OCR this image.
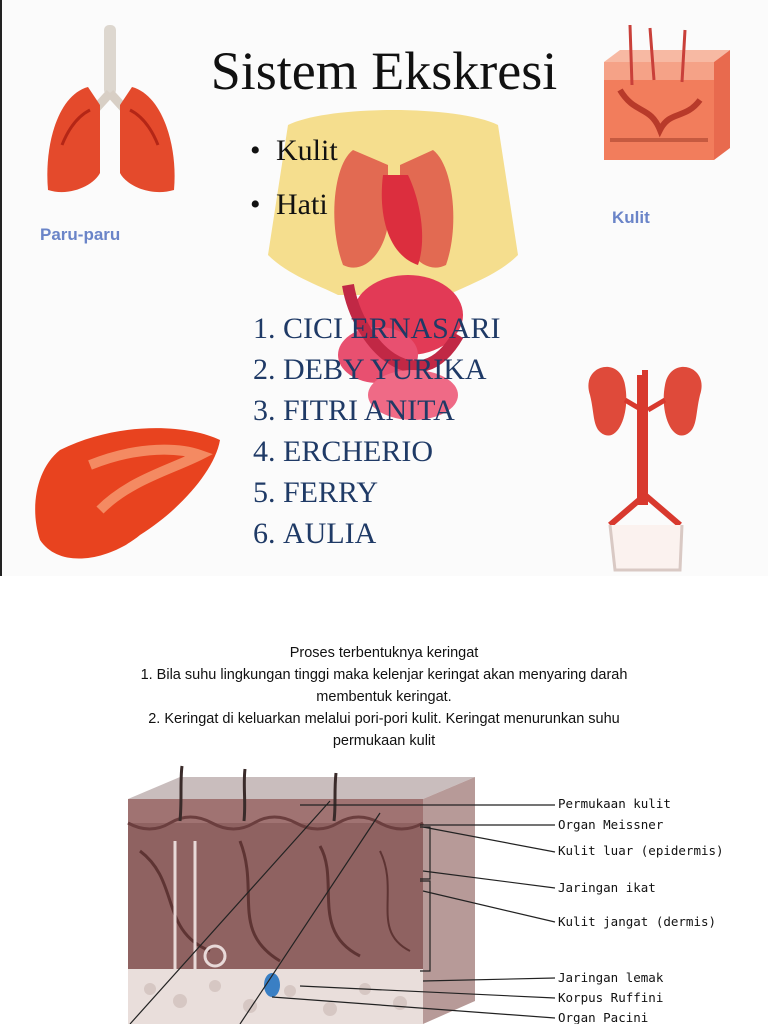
Paru-paru
Kulit
Sistem Ekskresi
• Kulit
• Hati
1. CICI ERNASARI
2. DEBY YURIKA
3. FITRI ANITA
4. ERCHERIO
5. FERRY
6. AULIA
Proses terbentuknya keringat
1. Bila suhu lingkungan tinggi maka kelenjar keringat akan menyaring darah
membentuk keringat.
2. Keringat di keluarkan melalui pori-pori kulit. Keringat menurunkan suhu
permukaan kulit
Permukaan kulit
Organ Meissner
Kulit luar (epidermis)
Jaringan ikat
Kulit jangat (dermis)
Jaringan lemak
Korpus Ruffini
Organ Pacini
